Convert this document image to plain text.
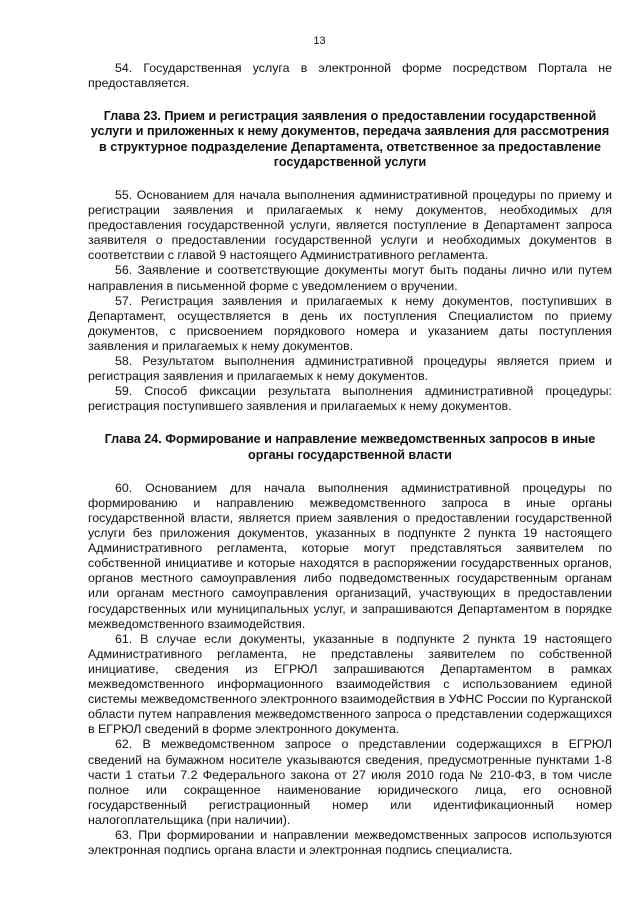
13

54. Государственная услуга в электронной форме посредством Портала не предоставляется.

Глава 23. Прием и регистрация заявления о предоставлении государственной услуги и приложенных к нему документов, передача заявления для рассмотрения в структурное подразделение Департамента, ответственное за предоставление государственной услуги

55. Основанием для начала выполнения административной процедуры по приему и регистрации заявления и прилагаемых к нему документов, необходимых для предоставления государственной услуги, является поступление в Департамент запроса заявителя о предоставлении государственной услуги и необходимых документов в соответствии с главой 9 настоящего Административного регламента.

56. Заявление и соответствующие документы могут быть поданы лично или путем направления в письменной форме с уведомлением о вручении.

57. Регистрация заявления и прилагаемых к нему документов, поступивших в Департамент, осуществляется в день их поступления Специалистом по приему документов, с присвоением порядкового номера и указанием даты поступления заявления и прилагаемых к нему документов.

58. Результатом выполнения административной процедуры является прием и регистрация заявления и прилагаемых к нему документов.

59. Способ фиксации результата выполнения административной процедуры: регистрация поступившего заявления и прилагаемых к нему документов.

Глава 24. Формирование и направление межведомственных запросов в иные органы государственной власти

60. Основанием для начала выполнения административной процедуры по формированию и направлению межведомственного запроса в иные органы государственной власти, является прием заявления о предоставлении государственной услуги без приложения документов, указанных в подпункте 2 пункта 19 настоящего Административного регламента, которые могут представляться заявителем по собственной инициативе и которые находятся в распоряжении государственных органов, органов местного самоуправления либо подведомственных государственным органам или органам местного самоуправления организаций, участвующих в предоставлении государственных или муниципальных услуг, и запрашиваются Департаментом в порядке межведомственного взаимодействия.

61. В случае если документы, указанные в подпункте 2 пункта 19 настоящего Административного регламента, не представлены заявителем по собственной инициативе, сведения из ЕГРЮЛ запрашиваются Департаментом в рамках межведомственного информационного взаимодействия с использованием единой системы межведомственного электронного взаимодействия в УФНС России по Курганской области путем направления межведомственного запроса о представлении содержащихся в ЕГРЮЛ сведений в форме электронного документа.

62. В межведомственном запросе о представлении содержащихся в ЕГРЮЛ сведений на бумажном носителе указываются сведения, предусмотренные пунктами 1-8 части 1 статьи 7.2 Федерального закона от 27 июля 2010 года № 210-ФЗ, в том числе полное или сокращенное наименование юридического лица, его основной государственный регистрационный номер или идентификационный номер налогоплательщика (при наличии).

63. При формировании и направлении межведомственных запросов используются электронная подпись органа власти и электронная подпись специалиста.
